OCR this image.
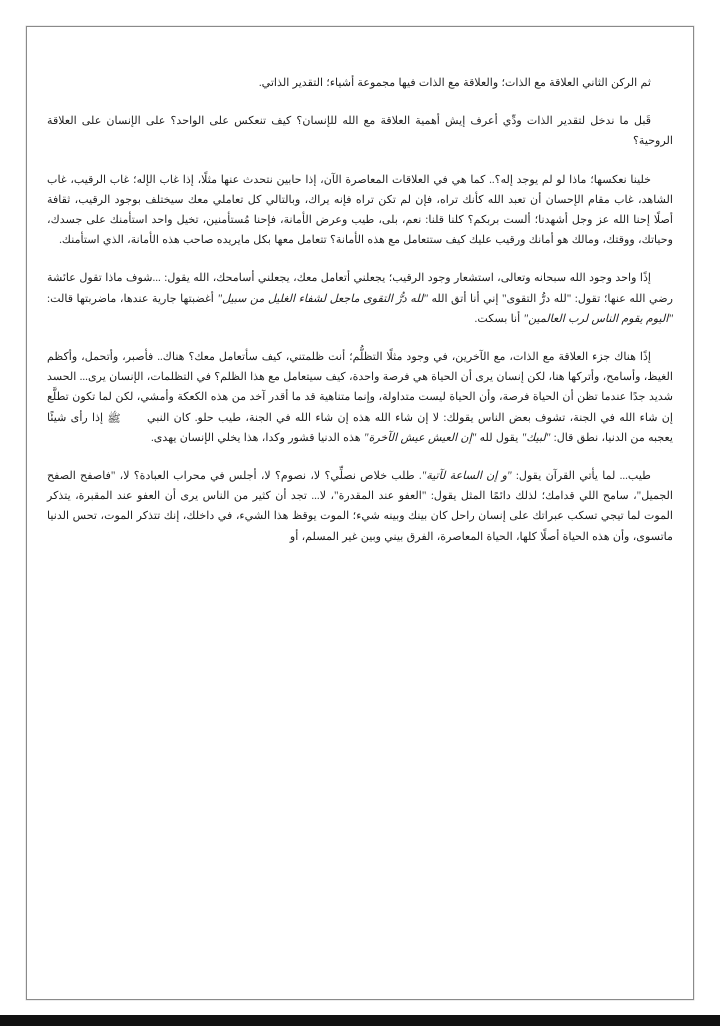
ثم الركن الثاني العلاقة مع الذات؛ والعلاقة مع الذات فيها مجموعة أشياء؛ التقدير الذاتي.

قَبل ما ندخل لتقدير الذات ودِّي أعرف إيش أهمية العلاقة مع الله للإنسان؟ كيف تنعكس على الواحد؟ على الإنسان على العلاقة الروحية؟

خلينا نعكسها؛ ماذا لو لم يوجد إله؟.. كما هي في العلاقات المعاصرة الآن، إذا حابين نتحدث عنها مثلًا، إذا غاب الإله؛ غاب الرقيب، غاب الشاهد، غاب مقام الإحسان أن تعبد الله كأنك تراه، فإن لم تكن تراه فإنه يراك، وبالتالي كل تعاملي معك سيختلف بوجود الرقيب، ثقافة أصلًا إحنا الله عز وجل أشهدنا؛ ألست بربكم؟ كلنا قلنا: نعم، بلى، طيب وعرض الأمانة، فإحنا مُستأمنين، تخيل واحد استأمنك على جسدك، وحياتك، ووقتك، ومالك هو أمانك ورقيب عليك كيف ستتعامل مع هذه الأمانة؟ تتعامل معها بكل مايريده صاحب هذه الأمانة، الذي استأمنك.

إذًا واحد وجود الله سبحانه وتعالى، استشعار وجود الرقيب؛ يجعلني أتعامل معك، يجعلني أسامحك، الله يقول: ...شوف ماذا تقول عائشة رضي الله عنها؛ تقول: "لله درُّ التقوى" إني أنا أتق الله "لله درُّ التقوى ماجعل لشفاء الغليل من سبيل" أغضبتها جارية عندها، ماضربتها قالت: "اليوم يقوم الناس لرب العالمين" أنا بسكت.

إذًا هناك جزء العلاقة مع الذات، مع الآخرين، في وجود مثلًا التظلُّم؛ أنت ظلمتني، كيف سأتعامل معك؟ هناك.. فأصبر، وأتحمل، وأكظم الغيظ، وأسامح، وأتركها هنا، لكن إنسان يرى أن الحياة هي فرصة واحدة، كيف سيتعامل مع هذا الظلم؟ في التظلمات، الإنسان يرى... الحسد شديد جدًا عندما تظن أن الحياة فرصة، وأن الحياة ليست متداولة، وإنما متناهية قد ما أقدر آخد من هذه الكعكة وأمشي، لكن لما تكون تطلَّع إن شاء الله في الجنة، تشوف بعض الناس يقولك: لا إن شاء الله هذه إن شاء الله في الجنة، طيب حلو. كان النبي ﷺ إذا رأى شيئًا يعجبه من الدنيا، نطق قال: "لبيك" يقول لله "إن العيش عيش الآخرة" هذه الدنيا قشور وكدا، هذا يخلي الإنسان يهدى.

طيب... لما يأتي القرآن يقول: "و إن الساعة لآتية". طلب خلاص نصلِّي؟ لا، نصوم؟ لا، أجلس في محراب العبادة؟ لا، "فاصفح الصفح الجميل"، سامح اللي قدامك؛ لذلك دائمًا المثل يقول: "العفو عند المقدرة"، لا... تجد أن كثير من الناس يرى أن العفو عند المقبرة، يتذكر الموت لما تيجي تسكب عبراتك على إنسان راحل كان بينك وبينه شيء؛ الموت يوقظ هذا الشيء، في داخلك، إنك تتذكر الموت، تحس الدنيا ماتسوى، وأن هذه الحياة أصلًا كلها، الحياة المعاصرة، الفرق بيني وبين غير المسلم، أو
